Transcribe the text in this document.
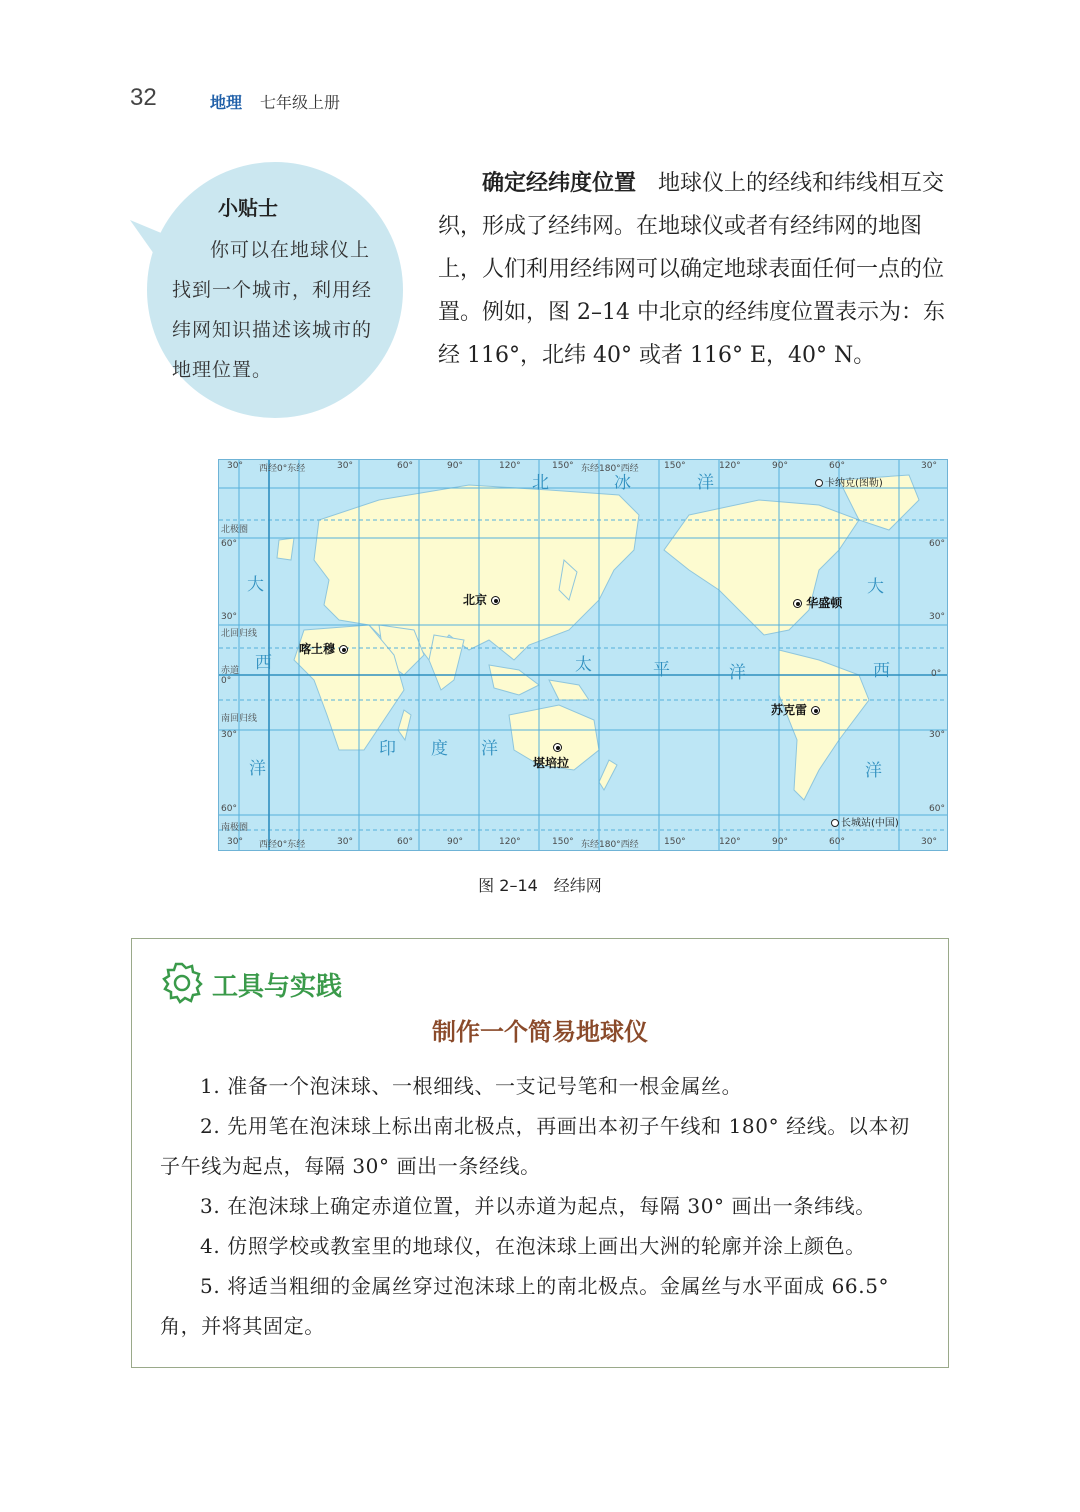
32	地理 七年级上册
小贴士
你可以在地球仪上找到一个城市，利用经纬网知识描述该城市的地理位置。
确定经纬度位置　 地球仪上的经线和纬线相互交织，形成了经纬网。在地球仪或者有经纬网的地图上，人们利用经纬网可以确定地球表面任何一点的位置。例如，图 2–14 中北京的经纬度位置表示为：东经 116°，北纬 40° 或者 116° E，40° N。
30° 西经0°东经	30°	60°	90°	120°	150° 东经180°西经	150°	120°	90°	60°	30°
30° 西经0°东经	30°	60°	90°	120°	150° 东经180°西经	150°	120°	90°	60°	30°
北极圈
60°
30°
北回归线
赤道
0°
南回归线
30°
60°
南极圈
60°
30°
0°
30°
60°
北	冰	洋
太	平	洋
印 度 洋
大
西
洋
大
西
洋
北京	华盛顿
喀土穆
苏克雷

堪培拉
卡纳克(图勒)
长城站(中国)
图 2–14　经纬网
工具与实践
制作一个简易地球仪

1. 准备一个泡沫球、一根细线、一支记号笔和一根金属丝。

2. 先用笔在泡沫球上标出南北极点，再画出本初子午线和 180° 经线。以本初子午线为起点，每隔 30° 画出一条经线。

3. 在泡沫球上确定赤道位置，并以赤道为起点，每隔 30° 画出一条纬线。

4. 仿照学校或教室里的地球仪，在泡沫球上画出大洲的轮廓并涂上颜色。

5. 将适当粗细的金属丝穿过泡沫球上的南北极点。金属丝与水平面成 66.5° 角，并将其固定。
